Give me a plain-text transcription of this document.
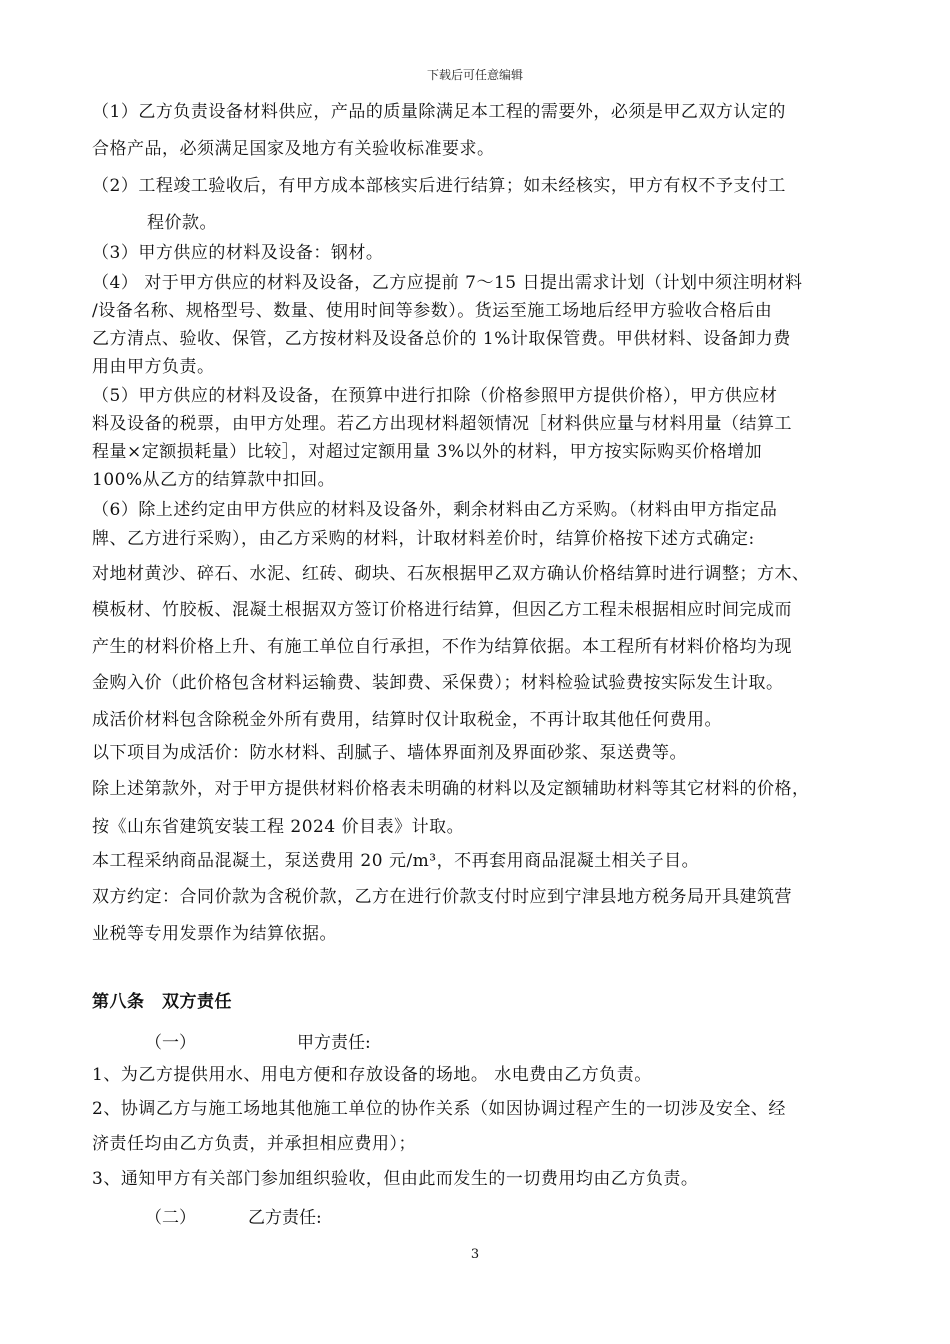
下载后可任意编辑
（1）乙方负责设备材料供应，产品的质量除满足本工程的需要外，必须是甲乙双方认定的
合格产品，必须满足国家及地方有关验收标准要求。
（2）工程竣工验收后，有甲方成本部核实后进行结算；如未经核实，甲方有权不予支付工
程价款。
（3）甲方供应的材料及设备：钢材。
（4） 对于甲方供应的材料及设备，乙方应提前 7～15 日提出需求计划（计划中须注明材料
/设备名称、规格型号、数量、使用时间等参数）。货运至施工场地后经甲方验收合格后由
乙方清点、验收、保管，乙方按材料及设备总价的 1%计取保管费。甲供材料、设备卸力费
用由甲方负责。
（5）甲方供应的材料及设备，在预算中进行扣除（价格参照甲方提供价格），甲方供应材
料及设备的税票，由甲方处理。若乙方出现材料超领情况［材料供应量与材料用量（结算工
程量×定额损耗量）比较］，对超过定额用量 3%以外的材料，甲方按实际购买价格增加
100%从乙方的结算款中扣回。
（6）除上述约定由甲方供应的材料及设备外，剩余材料由乙方采购。（材料由甲方指定品
牌、乙方进行采购），由乙方采购的材料，计取材料差价时，结算价格按下述方式确定:
对地材黄沙、碎石、水泥、红砖、砌块、石灰根据甲乙双方确认价格结算时进行调整；方木、
模板材、竹胶板、混凝土根据双方签订价格进行结算，但因乙方工程未根据相应时间完成而
产生的材料价格上升、有施工单位自行承担，不作为结算依据。本工程所有材料价格均为现
金购入价（此价格包含材料运输费、装卸费、采保费）；材料检验试验费按实际发生计取。
成活价材料包含除税金外所有费用，结算时仅计取税金，不再计取其他任何费用。
以下项目为成活价：防水材料、刮腻子、墙体界面剂及界面砂浆、泵送费等。
除上述第款外，对于甲方提供材料价格表未明确的材料以及定额辅助材料等其它材料的价格，
按《山东省建筑安装工程 2024 价目表》计取。
本工程采纳商品混凝土，泵送费用 20 元/m³，不再套用商品混凝土相关子目。
双方约定：合同价款为含税价款，乙方在进行价款支付时应到宁津县地方税务局开具建筑营
业税等专用发票作为结算依据。
第八条　双方责任
（一）	甲方责任:
1、为乙方提供用水、用电方便和存放设备的场地。 水电费由乙方负责。
2、协调乙方与施工场地其他施工单位的协作关系（如因协调过程产生的一切涉及安全、经
济责任均由乙方负责，并承担相应费用）；
3、通知甲方有关部门参加组织验收，但由此而发生的一切费用均由乙方负责。
（二）	乙方责任:
3
